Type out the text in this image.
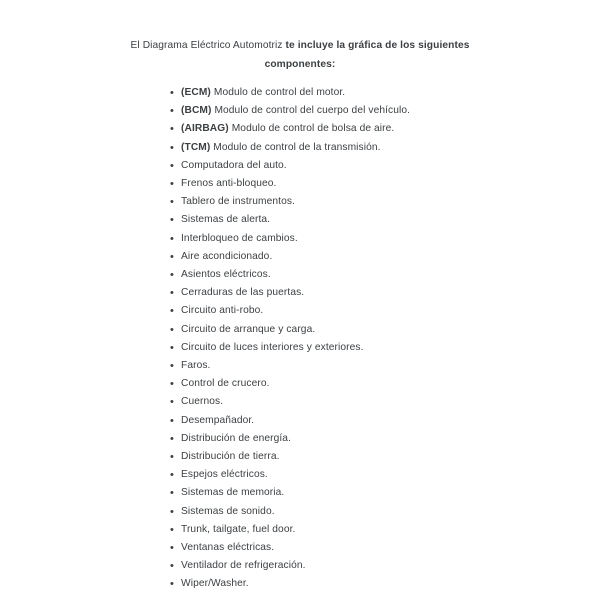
El Diagrama Eléctrico Automotriz te incluye la gráfica de los siguientes componentes:

• (ECM) Modulo de control del motor.
• (BCM) Modulo de control del cuerpo del vehículo.
• (AIRBAG) Modulo de control de bolsa de aire.
• (TCM) Modulo de control de la transmisión.
• Computadora del auto.
• Frenos anti-bloqueo.
• Tablero de instrumentos.
• Sistemas de alerta.
• Interbloqueo de cambios.
• Aire acondicionado.
• Asientos eléctricos.
• Cerraduras de las puertas.
• Circuito anti-robo.
• Circuito de arranque y carga.
• Circuito de luces interiores y exteriores.
• Faros.
• Control de crucero.
• Cuernos.
• Desempañador.
• Distribución de energía.
• Distribución de tierra.
• Espejos eléctricos.
• Sistemas de memoria.
• Sistemas de sonido.
• Trunk, tailgate, fuel door.
• Ventanas eléctricas.
• Ventilador de refrigeración.
• Wiper/Washer.
